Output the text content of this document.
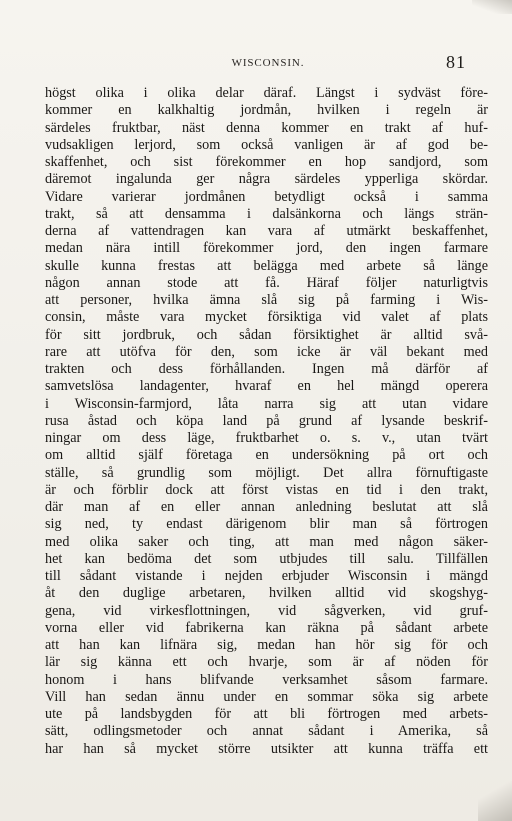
WISCONSIN.	81
högst olika i olika delar däraf. Längst i sydväst före-
kommer en kalkhaltig jordmån, hvilken i regeln är
särdeles fruktbar, näst denna kommer en trakt af huf-
vudsakligen lerjord, som också vanligen är af god be-
skaffenhet, och sist förekommer en hop sandjord, som
däremot ingalunda ger några särdeles ypperliga skördar.
Vidare varierar jordmånen betydligt också i samma
trakt, så att densamma i dalsänkorna och längs strän-
derna af vattendragen kan vara af utmärkt beskaffenhet,
medan nära intill förekommer jord, den ingen farmare
skulle kunna frestas att belägga med arbete så länge
någon annan stode att få. Häraf följer naturligtvis
att personer, hvilka ämna slå sig på farming i Wis-
consin, måste vara mycket försiktiga vid valet af plats
för sitt jordbruk, och sådan försiktighet är alltid svå-
rare att utöfva för den, som icke är väl bekant med
trakten och dess förhållanden. Ingen må därför af
samvetslösa landagenter, hvaraf en hel mängd operera
i Wisconsin-farmjord, låta narra sig att utan vidare
rusa åstad och köpa land på grund af lysande beskrif-
ningar om dess läge, fruktbarhet o. s. v., utan tvärt
om alltid själf företaga en undersökning på ort och
ställe, så grundlig som möjligt. Det allra förnuftigaste
är och förblir dock att först vistas en tid i den trakt,
där man af en eller annan anledning beslutat att slå
sig ned, ty endast därigenom blir man så förtrogen
med olika saker och ting, att man med någon säker-
het kan bedöma det som utbjudes till salu. Tillfällen
till sådant vistande i nejden erbjuder Wisconsin i mängd
åt den duglige arbetaren, hvilken alltid vid skogshyg-
gena, vid virkesflottningen, vid sågverken, vid gruf-
vorna eller vid fabrikerna kan räkna på sådant arbete
att han kan lifnära sig, medan han hör sig för och
lär sig känna ett och hvarje, som är af nöden för
honom i hans blifvande verksamhet såsom farmare.
Vill han sedan ännu under en sommar söka sig arbete
ute på landsbygden för att bli förtrogen med arbets-
sätt, odlingsmetoder och annat sådant i Amerika, så
har han så mycket större utsikter att kunna träffa ett
